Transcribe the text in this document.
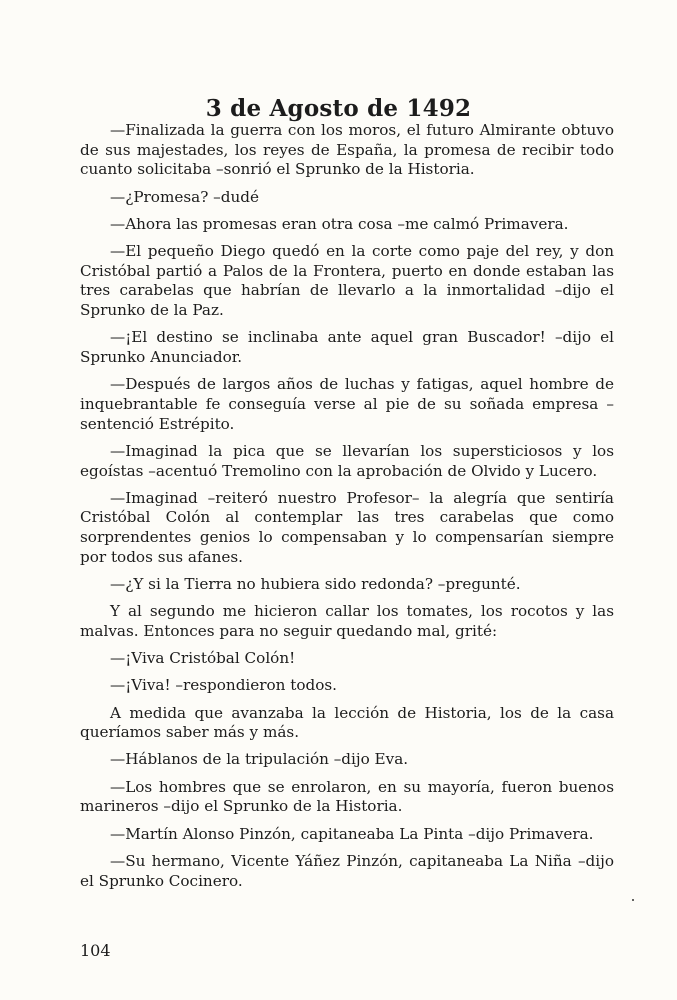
3 de Agosto de 1492

—Finalizada la guerra con los moros, el futuro Almirante obtuvo de sus majestades, los reyes de España, la promesa de recibir todo cuanto solicitaba –sonrió el Sprunko de la Historia.

—¿Promesa? –dudé

—Ahora las promesas eran otra cosa –me calmó Primavera.

—El pequeño Diego quedó en la corte como paje del rey, y don Cristóbal partió a Palos de la Frontera, puerto en donde estaban las tres carabelas que habrían de llevarlo a la inmortalidad –dijo el Sprunko de la Paz.

—¡El destino se inclinaba ante aquel gran Buscador! –dijo el Sprunko Anunciador.

—Después de largos años de luchas y fatigas, aquel hombre de inquebrantable fe conseguía verse al pie de su soñada empresa –sentenció Estrépito.

—Imaginad la pica que se llevarían los supersticiosos y los egoístas –acentuó Tremolino con la aprobación de Olvido y Lucero.

—Imaginad –reiteró nuestro Profesor– la alegría que sentiría Cristóbal Colón al contemplar las tres carabelas que como sorprendentes genios lo compensaban y lo compensarían siempre por todos sus afanes.

—¿Y si la Tierra no hubiera sido redonda? –pregunté.

Y al segundo me hicieron callar los tomates, los rocotos y las malvas. Entonces para no seguir quedando mal, grité:

—¡Viva Cristóbal Colón!

—¡Viva! –respondieron todos.

A medida que avanzaba la lección de Historia, los de la casa queríamos saber más y más.

—Háblanos de la tripulación –dijo Eva.

—Los hombres que se enrolaron, en su mayoría, fueron buenos marineros –dijo el Sprunko de la Historia.

—Martín Alonso Pinzón, capitaneaba La Pinta –dijo Primavera.

—Su hermano, Vicente Yáñez Pinzón, capitaneaba La Niña –dijo el Sprunko Cocinero.

104
